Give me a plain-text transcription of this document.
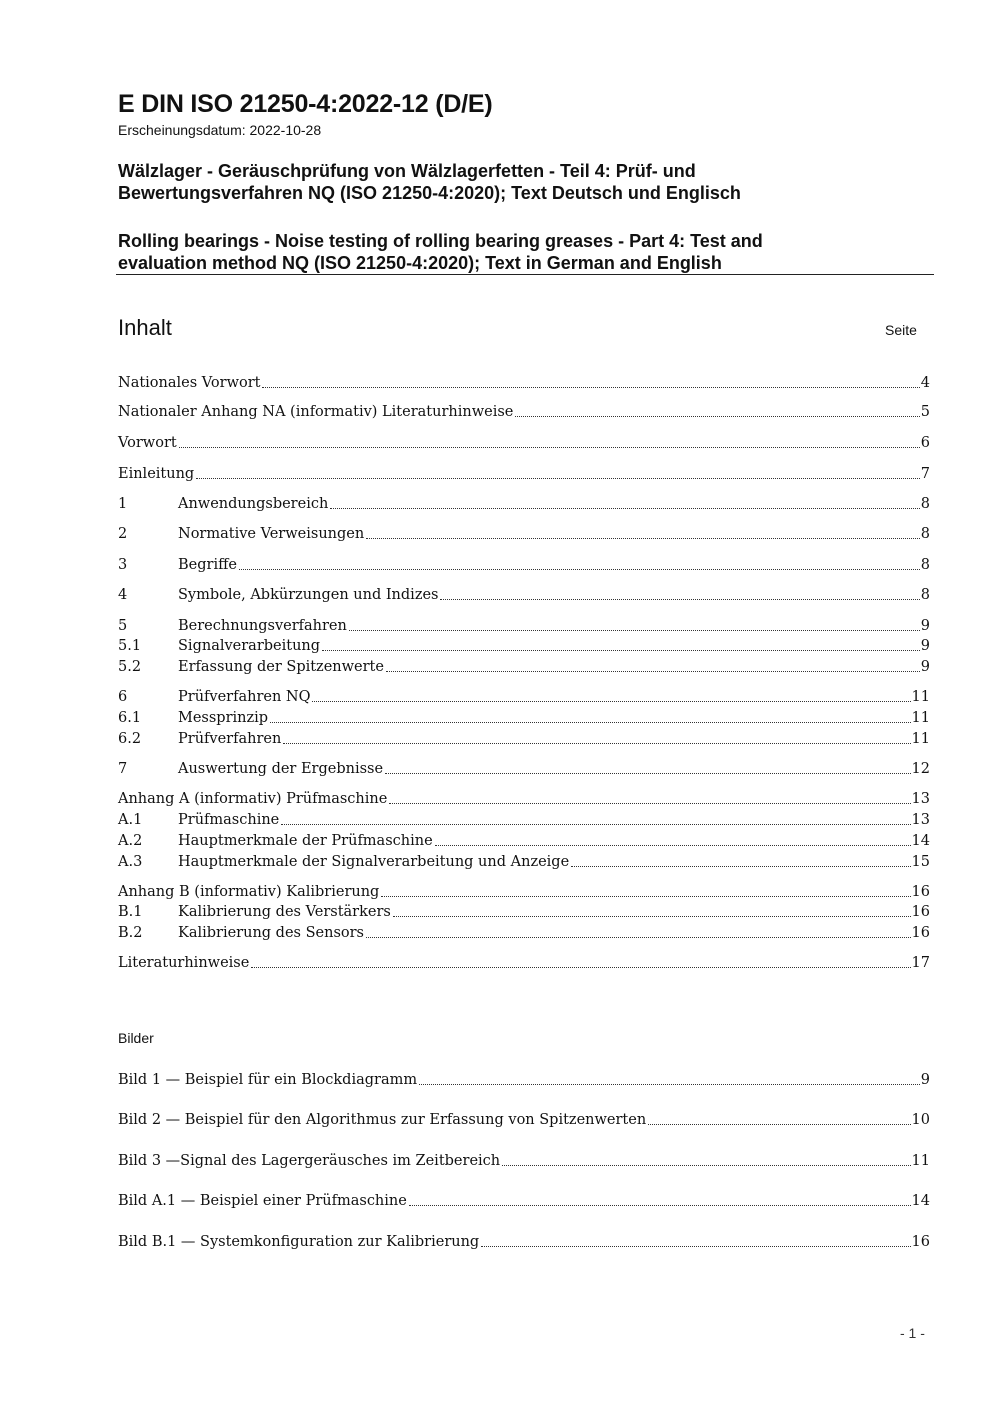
E DIN ISO 21250-4:2022-12 (D/E)
Erscheinungsdatum: 2022-10-28
Wälzlager - Geräuschprüfung von Wälzlagerfetten - Teil 4: Prüf- und
Bewertungsverfahren NQ (ISO 21250-4:2020); Text Deutsch und Englisch
Rolling bearings - Noise testing of rolling bearing greases - Part 4: Test and
evaluation method NQ (ISO 21250-4:2020); Text in German and English
Inhalt	Seite
Nationales Vorwort	4
Nationaler Anhang NA (informativ) Literaturhinweise	5
Vorwort	6
Einleitung	7
1	Anwendungsbereich	8
2	Normative Verweisungen	8
3	Begriffe	8
4	Symbole, Abkürzungen und Indizes	8
5	Berechnungsverfahren	9
5.1	Signalverarbeitung	9
5.2	Erfassung der Spitzenwerte	9
6	Prüfverfahren NQ	11
6.1	Messprinzip	11
6.2	Prüfverfahren	11
7	Auswertung der Ergebnisse	12
Anhang A (informativ) Prüfmaschine	13
A.1	Prüfmaschine	13
A.2	Hauptmerkmale der Prüfmaschine	14
A.3	Hauptmerkmale der Signalverarbeitung und Anzeige	15
Anhang B (informativ) Kalibrierung	16
B.1	Kalibrierung des Verstärkers	16
B.2	Kalibrierung des Sensors	16
Literaturhinweise	17
Bilder
Bild 1 — Beispiel für ein Blockdiagramm	9
Bild 2 — Beispiel für den Algorithmus zur Erfassung von Spitzenwerten	10
Bild 3 —Signal des Lagergeräusches im Zeitbereich	11
Bild A.1 — Beispiel einer Prüfmaschine	14
Bild B.1 — Systemkonfiguration zur Kalibrierung	16
- 1 -
